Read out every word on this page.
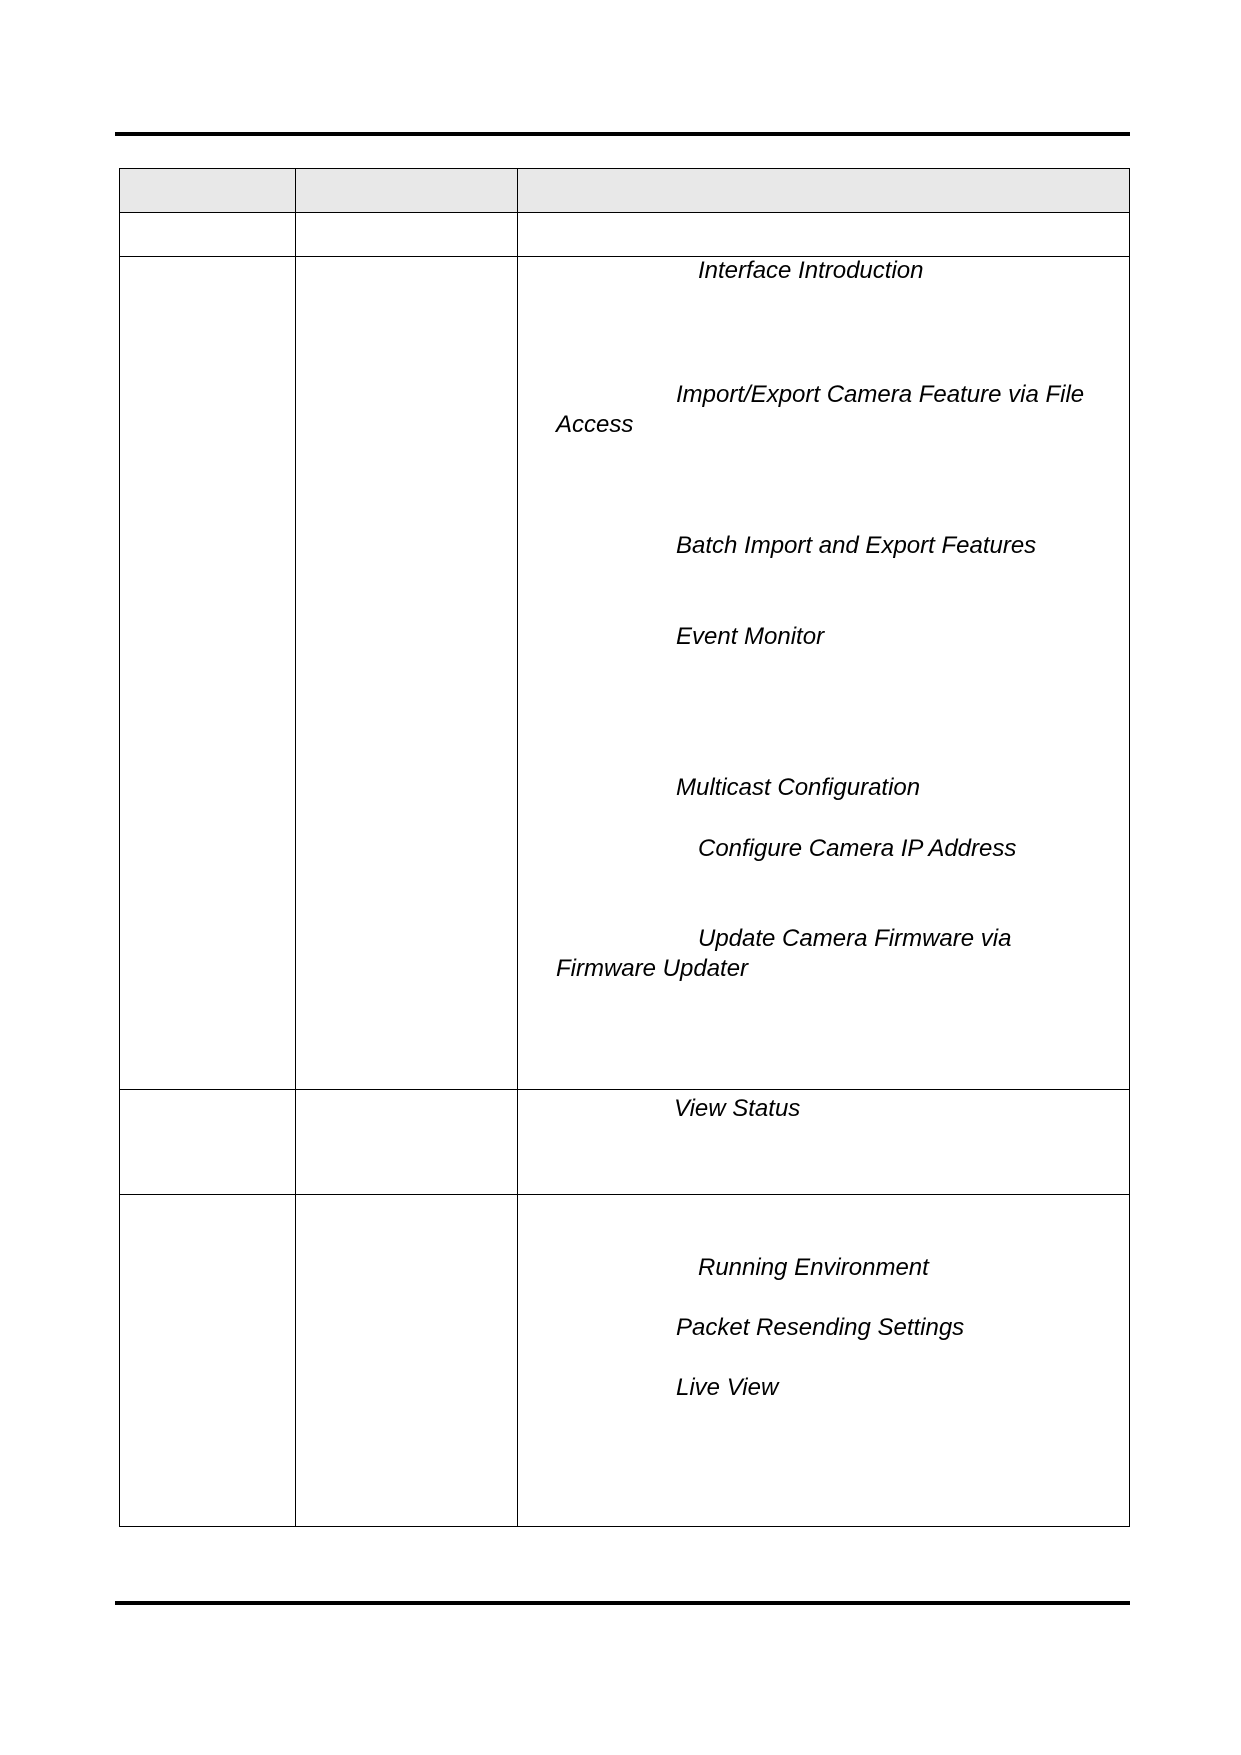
Interface Introduction
Import/Export Camera Feature via File
Access
Batch Import and Export Features
Event Monitor
Multicast Configuration
Configure Camera IP Address
Update Camera Firmware via
Firmware Updater
View Status
Running Environment
Packet Resending Settings
Live View
